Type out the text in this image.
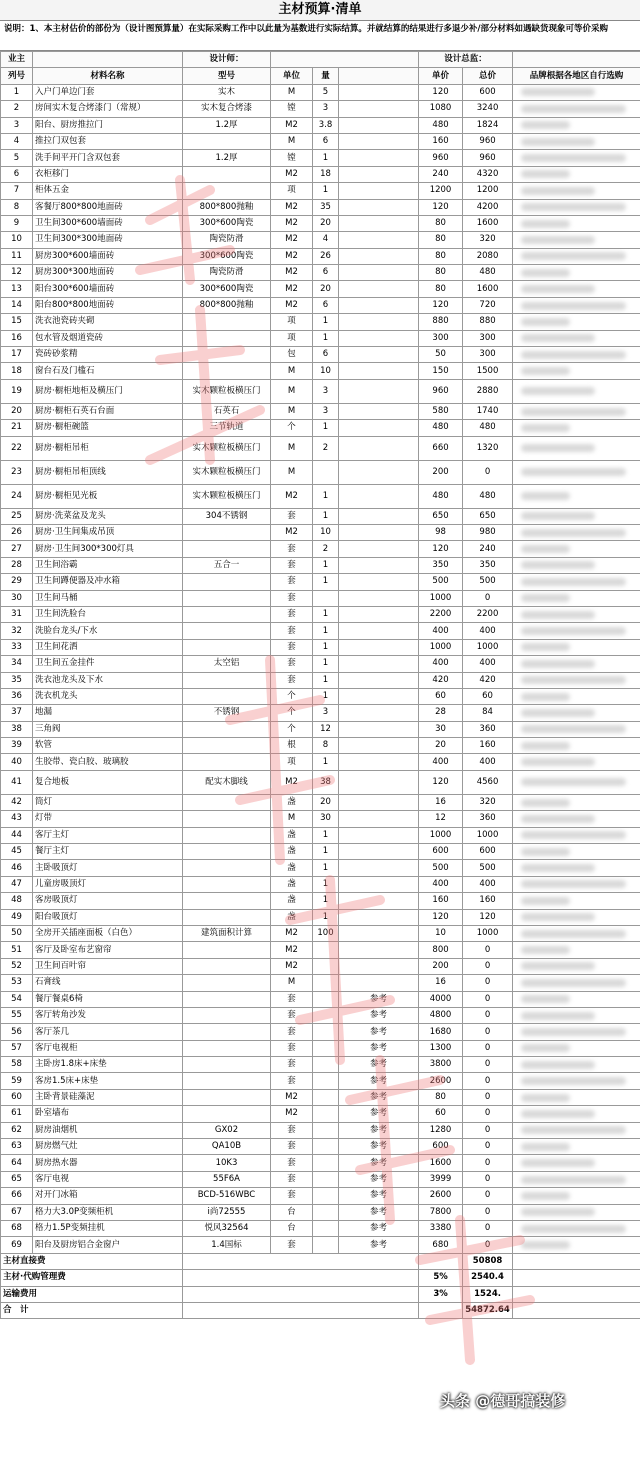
主材预算·清单
说明：1、本主材估价的部份为（设计图预算量）在实际采购工作中以此量为基数进行实际结算。并就结算的结果进行多退少补/部分材料如遇缺货现象可等价采购
业主		设计师：				设计总监：		
列号	材料名称	型号	单位	量		单价	总价	品牌根据各地区自行选购
1	入户门单边门套	实木	M	5		120	600	

2	房间实木复合烤漆门（常规）	实木复合烤漆	镗	3		1080	3240	

3	阳台、厨房推拉门	1.2厚	M2	3.8		480	1824	

4	推拉门双包套		M	6		160	960	

5	洗手间平开门含双包套	1.2厚	镗	1		960	960	

6	衣柜移门		M2	18		240	4320	

7	柜体五金		项	1		1200	1200	

8	客餐厅800*800地面砖	800*800抛釉	M2	35		120	4200	

9	卫生间300*600墙面砖	300*600陶瓷	M2	20		80	1600	

10	卫生间300*300地面砖	陶瓷防滑	M2	4		80	320	

11	厨房300*600墙面砖	300*600陶瓷	M2	26		80	2080	

12	厨房300*300地面砖	陶瓷防滑	M2	6		80	480	

13	阳台300*600墙面砖	300*600陶瓷	M2	20		80	1600	

14	阳台800*800地面砖	800*800抛釉	M2	6		120	720	

15	洗衣池瓷砖夹砌		项	1		880	880	

16	包水管及烟道瓷砖		项	1		300	300	

17	瓷砖砂浆精		包	6		50	300	

18	窗台石及门槛石		M	10		150	1500	

19	厨房·橱柜地柜及横压门	实木颗粒板横压门	M	3		960	2880	

20	厨房·橱柜石英石台面	石英石	M	3		580	1740	

21	厨房·橱柜碗篮	三节轨道	个	1		480	480	

22	厨房·橱柜吊柜	实木颗粒板横压门	M	2		660	1320	

23	厨房·橱柜吊柜顶线	实木颗粒板横压门	M			200	0	

24	厨房·橱柜见光板	实木颗粒板横压门	M2	1		480	480	

25	厨房·洗菜盆及龙头	304不锈钢	套	1		650	650	

26	厨房·卫生间集成吊顶		M2	10		98	980	

27	厨房·卫生间300*300灯具		套	2		120	240	

28	卫生间浴霸	五合一	套	1		350	350	

29	卫生间蹲便器及冲水箱		套	1		500	500	

30	卫生间马桶		套			1000	0	

31	卫生间洗脸台		套	1		2200	2200	

32	洗脸台龙头/下水		套	1		400	400	

33	卫生间花洒		套	1		1000	1000	

34	卫生间五金挂件	太空铝	套	1		400	400	

35	洗衣池龙头及下水		套	1		420	420	

36	洗衣机龙头		个	1		60	60	

37	地漏	不锈钢	个	3		28	84	

38	三角阀		个	12		30	360	

39	软管		根	8		20	160	

40	生胶带、瓷白胶、玻璃胶		项	1		400	400	

41	复合地板	配实木脚线	M2	38		120	4560	

42	筒灯		盏	20		16	320	

43	灯带		M	30		12	360	

44	客厅主灯		盏	1		1000	1000	

45	餐厅主灯		盏	1		600	600	

46	主卧吸顶灯		盏	1		500	500	

47	儿童房吸顶灯		盏	1		400	400	

48	客房吸顶灯		盏	1		160	160	

49	阳台吸顶灯		盏	1		120	120	

50	全房开关插座面板（白色）	建筑面积计算	M2	100		10	1000	

51	客厅及卧室布艺窗帘		M2			800	0	

52	卫生间百叶帘		M2			200	0	

53	石膏线		M			16	0	

54	餐厅餐桌6椅		套		参考	4000	0	

55	客厅转角沙发		套		参考	4800	0	

56	客厅茶几		套		参考	1680	0	

57	客厅电视柜		套		参考	1300	0	

58	主卧房1.8床+床垫		套		参考	3800	0	

59	客房1.5床+床垫		套		参考	2600	0	

60	主卧背景硅藻泥		M2		参考	80	0	

61	卧室墙布		M2		参考	60	0	

62	厨房油烟机	GX02	套		参考	1280	0	

63	厨房燃气灶	QA10B	套		参考	600	0	

64	厨房热水器	10K3	套		参考	1600	0	

65	客厅电视	55F6A	套		参考	3999	0	

66	对开门冰箱	BCD-516WBC	套		参考	2600	0	

67	格力大3.0P变频柜机	i尚72555	台		参考	7800	0	

68	格力1.5P变频挂机	悦风32564	台		参考	3380	0	

69	阳台及厨房铝合金窗户	1.4国标	套		参考	680	0	

主材直接费							50808	
主材·代购管理费						5%	2540.4	
运输费用						3%	1524.	
合　计							54872.64	
头条 @德哥搞装修
